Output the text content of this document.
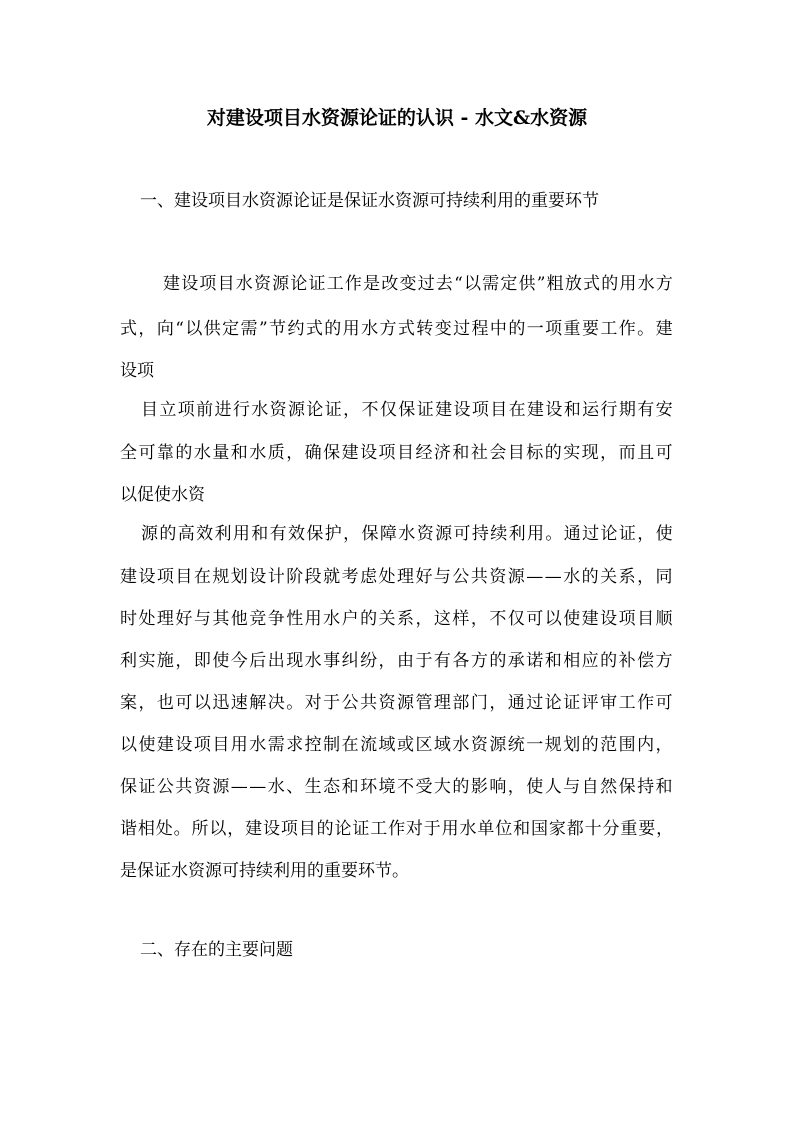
对建设项目水资源论证的认识 - 水文&水资源
一、建设项目水资源论证是保证水资源可持续利用的重要环节
建设项目水资源论证工作是改变过去“以需定供”粗放式的用水方
式，向“以供定需”节约式的用水方式转变过程中的一项重要工作。建
设项
目立项前进行水资源论证，不仅保证建设项目在建设和运行期有安
全可靠的水量和水质，确保建设项目经济和社会目标的实现，而且可
以促使水资
源的高效利用和有效保护，保障水资源可持续利用。通过论证，使
建设项目在规划设计阶段就考虑处理好与公共资源——水的关系，同
时处理好与其他竞争性用水户的关系，这样，不仅可以使建设项目顺
利实施，即使今后出现水事纠纷，由于有各方的承诺和相应的补偿方
案，也可以迅速解决。对于公共资源管理部门，通过论证评审工作可
以使建设项目用水需求控制在流域或区域水资源统一规划的范围内，
保证公共资源——水、生态和环境不受大的影响，使人与自然保持和
谐相处。所以，建设项目的论证工作对于用水单位和国家都十分重要，
是保证水资源可持续利用的重要环节。
二、存在的主要问题
